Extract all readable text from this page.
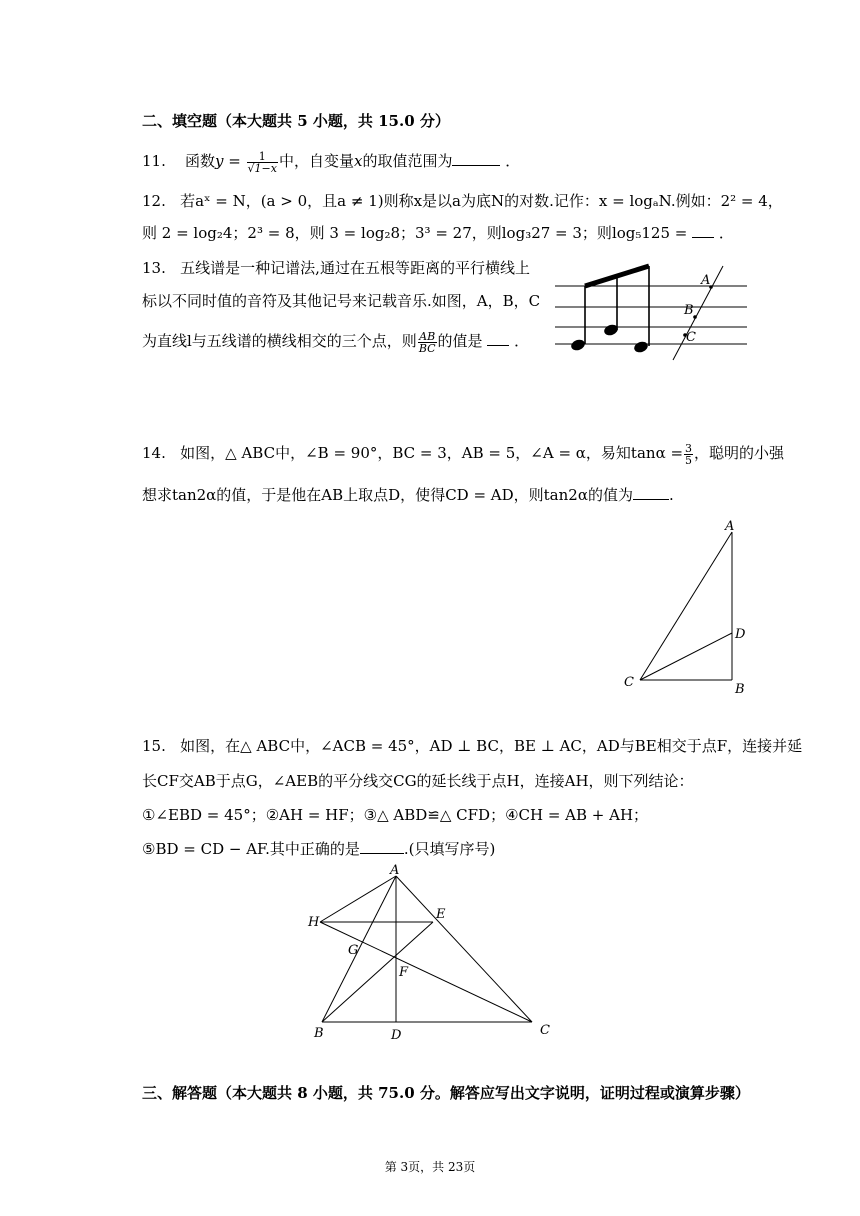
二、填空题（本大题共 5 小题，共 15.0 分）
11. 函数$y = \frac{1}{√1-x}$ 中，自变量x的取值范围为	．
12. 若aˣ = N，(a > 0，且a ≠ 1)则称x是以a为底N的对数.记作：x = logₐN.例如：2² = 4，
则 2 = log₂4；2³ = 8，则 3 = log₂8；3³ = 27，则log₃27 = 3；则log₅125 =  ．
13. 五线谱是一种记谱法,通过在五根等距离的平行横线上
标以不同时值的音符及其他记号来记载音乐.如图，A，B，C
为直线l与五线谱的横线相交的三个点，则 $\frac{AB}{BC}$ 的值是 ．
A
B
C
14. 如图，△ ABC中，∠B = 90°，BC = 3，AB = 5，∠A = α，易知$\tan\alpha = \frac{3}{5}$ ，聪明的小强
想求tan2α的值，于是他在AB上取点D，使得CD = AD，则tan2α的值为 .
A
B
C
D
15. 如图，在△ ABC中，∠ACB = 45°，AD ⊥ BC，BE ⊥ AC，AD与BE相交于点F，连接并延
长CF交AB于点G，∠AEB的平分线交CG的延长线于点H，连接AH，则下列结论：
①∠EBD = 45°；②AH = HF；③△ ABD≌△ CFD；④CH = AB + AH；
⑤BD = CD − AF.其中正确的是	.(只填写序号)
A
B	C
D
E
F
G
H
三、解答题（本大题共 8 小题，共 75.0 分。解答应写出文字说明，证明过程或演算步骤）
第 3页，共 23页
